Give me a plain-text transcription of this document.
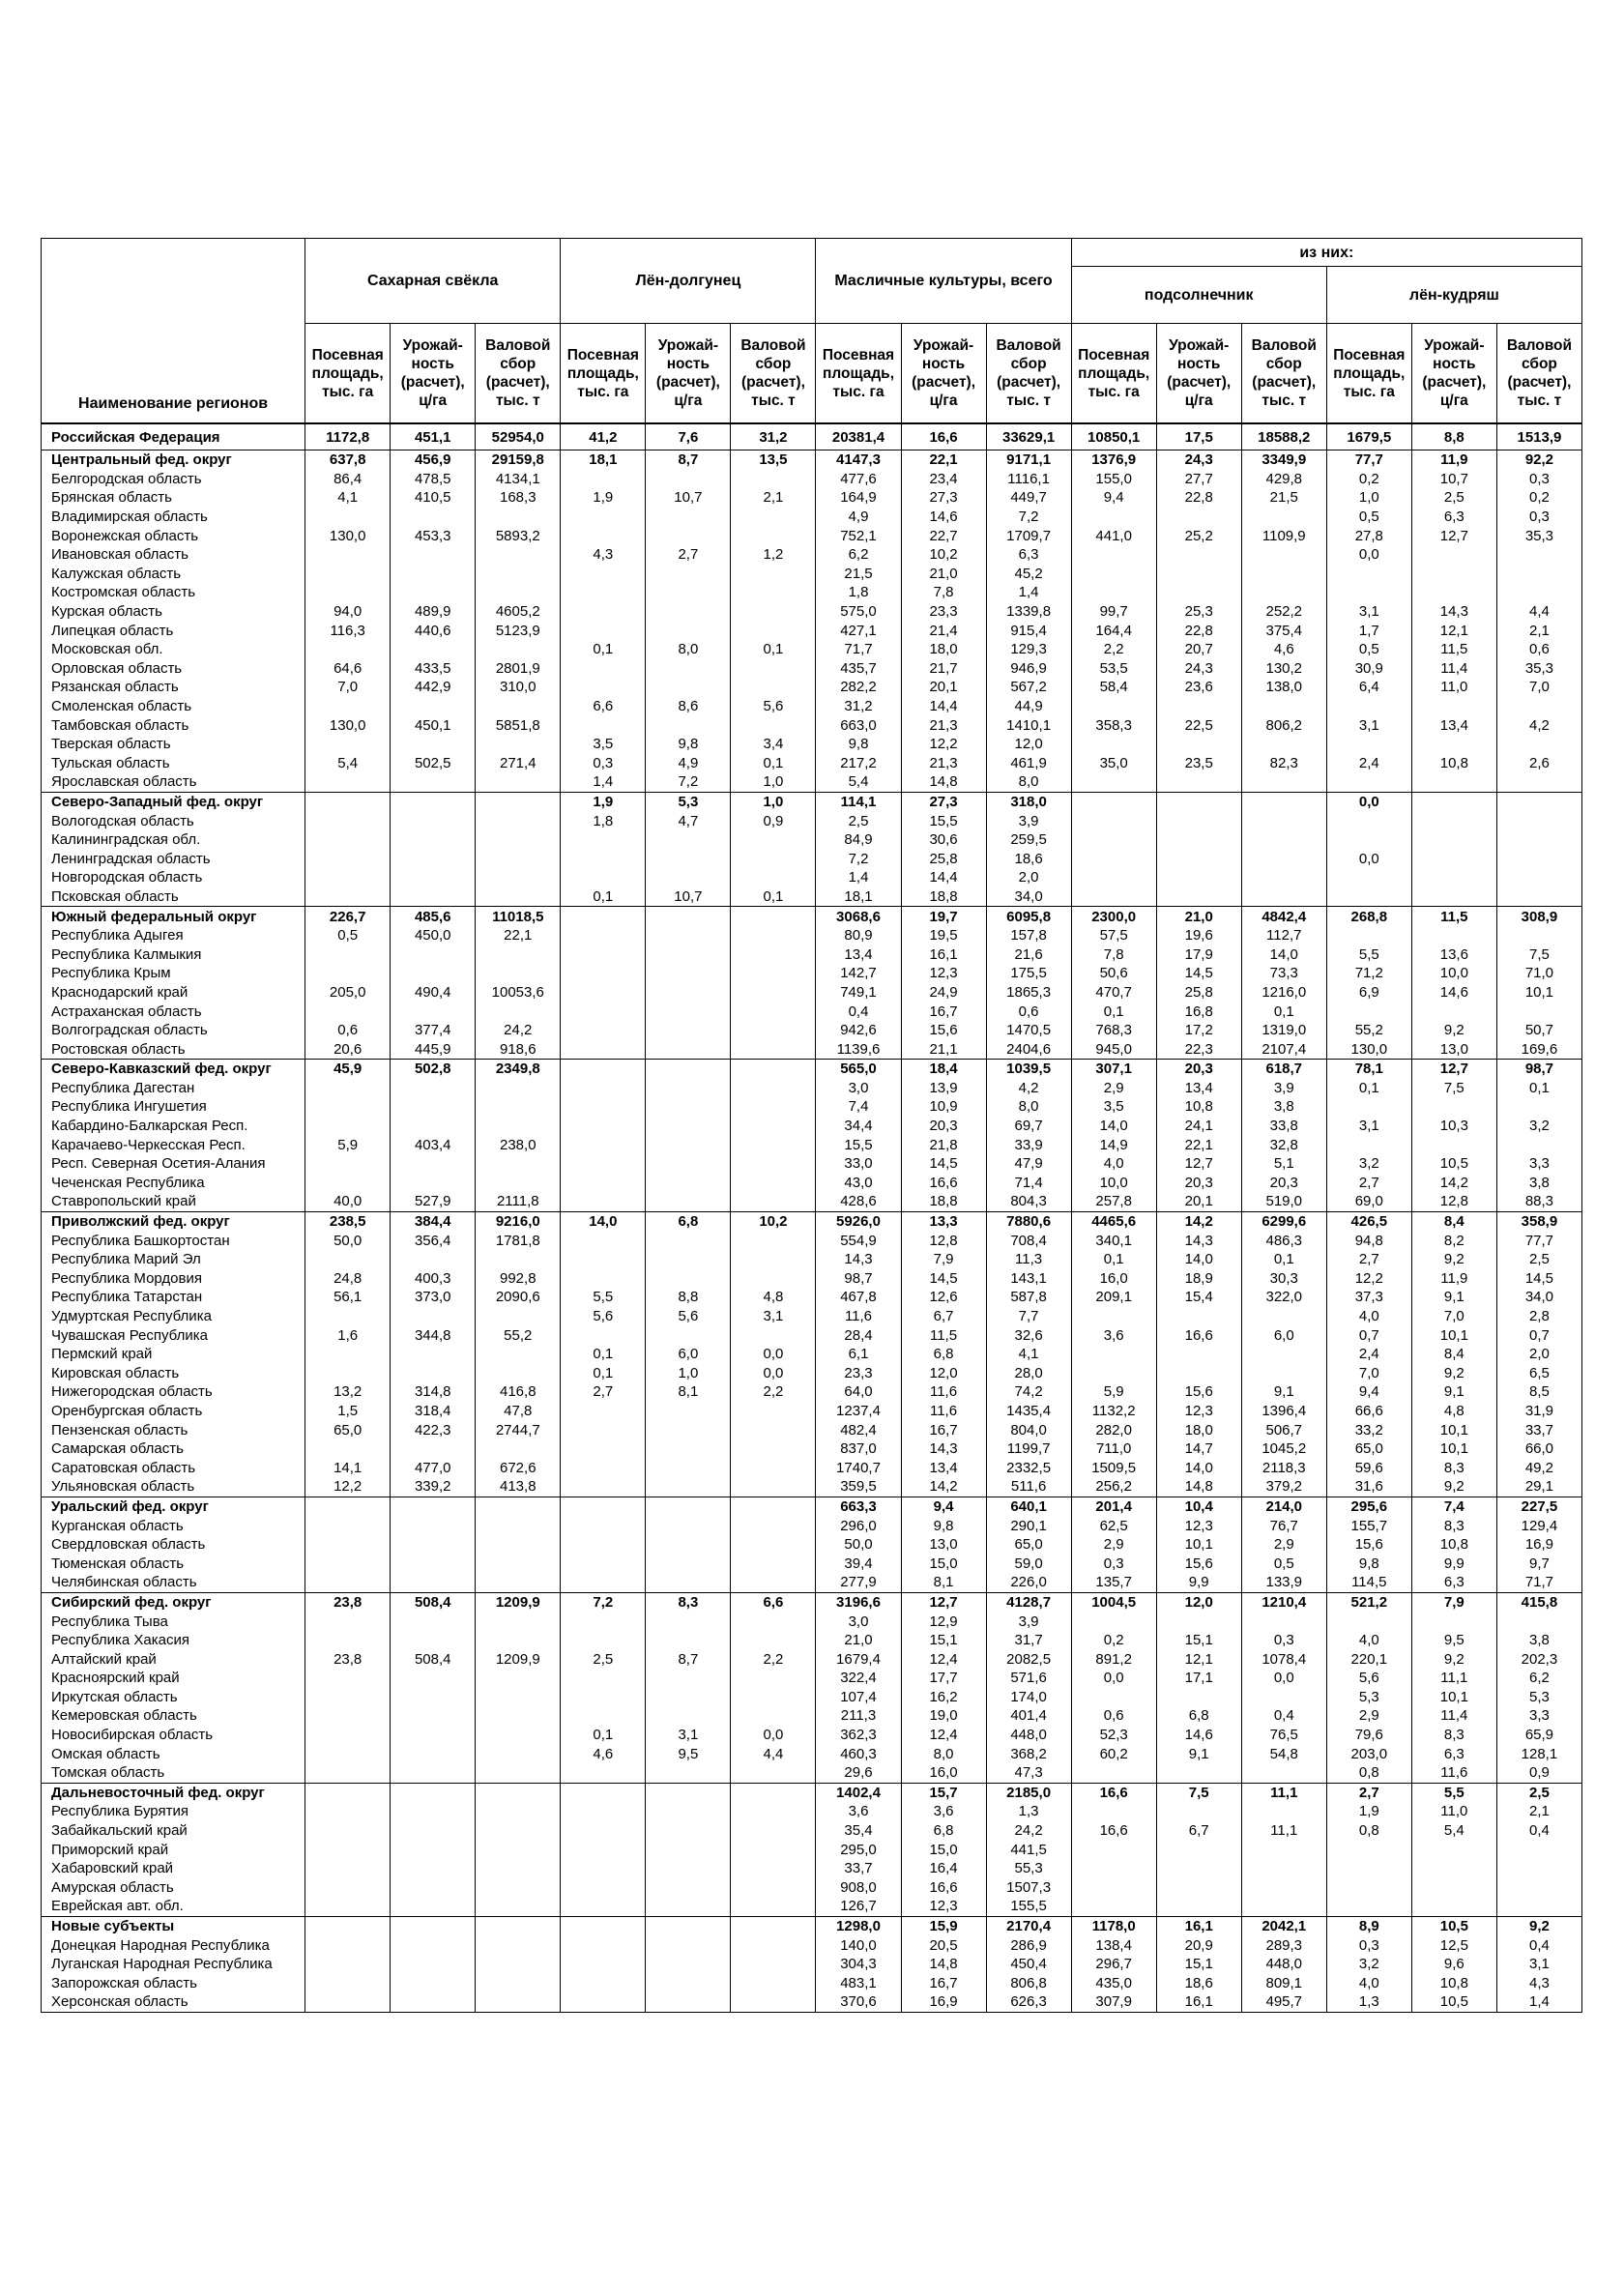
Наименование регионов	Сахарная свёкла			Лён-долгунец			Масличные культуры, всего			из них:					
										подсолнечник			лён-кудряш		
	Посевная площадь, тыс. га	Урожай-ность (расчет), ц/га	Валовой сбор (расчет), тыс. т	Посевная площадь, тыс. га	Урожай-ность (расчет), ц/га	Валовой сбор (расчет), тыс. т	Посевная площадь, тыс. га	Урожай-ность (расчет), ц/га	Валовой сбор (расчет), тыс. т	Посевная площадь, тыс. га	Урожай-ность (расчет), ц/га	Валовой сбор (расчет), тыс. т	Посевная площадь, тыс. га	Урожай-ность (расчет), ц/га	Валовой сбор (расчет), тыс. т
Российская Федерация	1172,8	451,1	52954,0	41,2	7,6	31,2	20381,4	16,6	33629,1	10850,1	17,5	18588,2	1679,5	8,8	1513,9
Центральный фед. округ	637,8	456,9	29159,8	18,1	8,7	13,5	4147,3	22,1	9171,1	1376,9	24,3	3349,9	77,7	11,9	92,2
Белгородская область	86,4	478,5	4134,1				477,6	23,4	1116,1	155,0	27,7	429,8	0,2	10,7	0,3
Брянская область	4,1	410,5	168,3	1,9	10,7	2,1	164,9	27,3	449,7	9,4	22,8	21,5	1,0	2,5	0,2
Владимирская область							4,9	14,6	7,2				0,5	6,3	0,3
Воронежская область	130,0	453,3	5893,2				752,1	22,7	1709,7	441,0	25,2	1109,9	27,8	12,7	35,3
Ивановская область				4,3	2,7	1,2	6,2	10,2	6,3				0,0		
Калужская область							21,5	21,0	45,2						
Костромская область							1,8	7,8	1,4						
Курская область	94,0	489,9	4605,2				575,0	23,3	1339,8	99,7	25,3	252,2	3,1	14,3	4,4
Липецкая область	116,3	440,6	5123,9				427,1	21,4	915,4	164,4	22,8	375,4	1,7	12,1	2,1
Московская обл.				0,1	8,0	0,1	71,7	18,0	129,3	2,2	20,7	4,6	0,5	11,5	0,6
Орловская область	64,6	433,5	2801,9				435,7	21,7	946,9	53,5	24,3	130,2	30,9	11,4	35,3
Рязанская область	7,0	442,9	310,0				282,2	20,1	567,2	58,4	23,6	138,0	6,4	11,0	7,0
Смоленская область				6,6	8,6	5,6	31,2	14,4	44,9						
Тамбовская область	130,0	450,1	5851,8				663,0	21,3	1410,1	358,3	22,5	806,2	3,1	13,4	4,2
Тверская область				3,5	9,8	3,4	9,8	12,2	12,0						
Тульская область	5,4	502,5	271,4	0,3	4,9	0,1	217,2	21,3	461,9	35,0	23,5	82,3	2,4	10,8	2,6
Ярославская область				1,4	7,2	1,0	5,4	14,8	8,0						
Северо-Западный фед. округ				1,9	5,3	1,0	114,1	27,3	318,0				0,0		
Вологодская область				1,8	4,7	0,9	2,5	15,5	3,9						
Калининградская обл.							84,9	30,6	259,5						
Ленинградская область							7,2	25,8	18,6				0,0		
Новгородская область							1,4	14,4	2,0						
Псковская область				0,1	10,7	0,1	18,1	18,8	34,0						
Южный федеральный округ	226,7	485,6	11018,5				3068,6	19,7	6095,8	2300,0	21,0	4842,4	268,8	11,5	308,9
Республика Адыгея	0,5	450,0	22,1				80,9	19,5	157,8	57,5	19,6	112,7			
Республика Калмыкия							13,4	16,1	21,6	7,8	17,9	14,0	5,5	13,6	7,5
Республика Крым							142,7	12,3	175,5	50,6	14,5	73,3	71,2	10,0	71,0
Краснодарский край	205,0	490,4	10053,6				749,1	24,9	1865,3	470,7	25,8	1216,0	6,9	14,6	10,1
Астраханская область							0,4	16,7	0,6	0,1	16,8	0,1			
Волгоградская область	0,6	377,4	24,2				942,6	15,6	1470,5	768,3	17,2	1319,0	55,2	9,2	50,7
Ростовская область	20,6	445,9	918,6				1139,6	21,1	2404,6	945,0	22,3	2107,4	130,0	13,0	169,6
Северо-Кавказский фед. округ	45,9	502,8	2349,8				565,0	18,4	1039,5	307,1	20,3	618,7	78,1	12,7	98,7
Республика Дагестан							3,0	13,9	4,2	2,9	13,4	3,9	0,1	7,5	0,1
Республика Ингушетия							7,4	10,9	8,0	3,5	10,8	3,8			
Кабардино-Балкарская Респ.							34,4	20,3	69,7	14,0	24,1	33,8	3,1	10,3	3,2
Карачаево-Черкесская Респ.	5,9	403,4	238,0				15,5	21,8	33,9	14,9	22,1	32,8			
Респ. Северная Осетия-Алания							33,0	14,5	47,9	4,0	12,7	5,1	3,2	10,5	3,3
Чеченская Республика							43,0	16,6	71,4	10,0	20,3	20,3	2,7	14,2	3,8
Ставропольский край	40,0	527,9	2111,8				428,6	18,8	804,3	257,8	20,1	519,0	69,0	12,8	88,3
Приволжский фед. округ	238,5	384,4	9216,0	14,0	6,8	10,2	5926,0	13,3	7880,6	4465,6	14,2	6299,6	426,5	8,4	358,9
Республика Башкортостан	50,0	356,4	1781,8				554,9	12,8	708,4	340,1	14,3	486,3	94,8	8,2	77,7
Республика Марий Эл							14,3	7,9	11,3	0,1	14,0	0,1	2,7	9,2	2,5
Республика Мордовия	24,8	400,3	992,8				98,7	14,5	143,1	16,0	18,9	30,3	12,2	11,9	14,5
Республика Татарстан	56,1	373,0	2090,6	5,5	8,8	4,8	467,8	12,6	587,8	209,1	15,4	322,0	37,3	9,1	34,0
Удмуртская Республика				5,6	5,6	3,1	11,6	6,7	7,7				4,0	7,0	2,8
Чувашская Республика	1,6	344,8	55,2				28,4	11,5	32,6	3,6	16,6	6,0	0,7	10,1	0,7
Пермский край				0,1	6,0	0,0	6,1	6,8	4,1				2,4	8,4	2,0
Кировская область				0,1	1,0	0,0	23,3	12,0	28,0				7,0	9,2	6,5
Нижегородская область	13,2	314,8	416,8	2,7	8,1	2,2	64,0	11,6	74,2	5,9	15,6	9,1	9,4	9,1	8,5
Оренбургская область	1,5	318,4	47,8				1237,4	11,6	1435,4	1132,2	12,3	1396,4	66,6	4,8	31,9
Пензенская область	65,0	422,3	2744,7				482,4	16,7	804,0	282,0	18,0	506,7	33,2	10,1	33,7
Самарская область							837,0	14,3	1199,7	711,0	14,7	1045,2	65,0	10,1	66,0
Саратовская область	14,1	477,0	672,6				1740,7	13,4	2332,5	1509,5	14,0	2118,3	59,6	8,3	49,2
Ульяновская область	12,2	339,2	413,8				359,5	14,2	511,6	256,2	14,8	379,2	31,6	9,2	29,1
Уральский фед. округ							663,3	9,4	640,1	201,4	10,4	214,0	295,6	7,4	227,5
Курганская область							296,0	9,8	290,1	62,5	12,3	76,7	155,7	8,3	129,4
Свердловская область							50,0	13,0	65,0	2,9	10,1	2,9	15,6	10,8	16,9
Тюменская область							39,4	15,0	59,0	0,3	15,6	0,5	9,8	9,9	9,7
Челябинская область							277,9	8,1	226,0	135,7	9,9	133,9	114,5	6,3	71,7
Сибирский фед. округ	23,8	508,4	1209,9	7,2	8,3	6,6	3196,6	12,7	4128,7	1004,5	12,0	1210,4	521,2	7,9	415,8
Республика Тыва							3,0	12,9	3,9						
Республика Хакасия							21,0	15,1	31,7	0,2	15,1	0,3	4,0	9,5	3,8
Алтайский край	23,8	508,4	1209,9	2,5	8,7	2,2	1679,4	12,4	2082,5	891,2	12,1	1078,4	220,1	9,2	202,3
Красноярский край							322,4	17,7	571,6	0,0	17,1	0,0	5,6	11,1	6,2
Иркутская область							107,4	16,2	174,0				5,3	10,1	5,3
Кемеровская область							211,3	19,0	401,4	0,6	6,8	0,4	2,9	11,4	3,3
Новосибирская область				0,1	3,1	0,0	362,3	12,4	448,0	52,3	14,6	76,5	79,6	8,3	65,9
Омская область				4,6	9,5	4,4	460,3	8,0	368,2	60,2	9,1	54,8	203,0	6,3	128,1
Томская область							29,6	16,0	47,3				0,8	11,6	0,9
Дальневосточный фед. округ							1402,4	15,7	2185,0	16,6	7,5	11,1	2,7	5,5	2,5
Республика Бурятия							3,6	3,6	1,3				1,9	11,0	2,1
Забайкальский край							35,4	6,8	24,2	16,6	6,7	11,1	0,8	5,4	0,4
Приморский край							295,0	15,0	441,5						
Хабаровский край							33,7	16,4	55,3						
Амурская область							908,0	16,6	1507,3						
Еврейская авт. обл.							126,7	12,3	155,5						
Новые субъекты							1298,0	15,9	2170,4	1178,0	16,1	2042,1	8,9	10,5	9,2
Донецкая Народная Республика							140,0	20,5	286,9	138,4	20,9	289,3	0,3	12,5	0,4
Луганская Народная Республика							304,3	14,8	450,4	296,7	15,1	448,0	3,2	9,6	3,1
Запорожская область							483,1	16,7	806,8	435,0	18,6	809,1	4,0	10,8	4,3
Херсонская область							370,6	16,9	626,3	307,9	16,1	495,7	1,3	10,5	1,4
